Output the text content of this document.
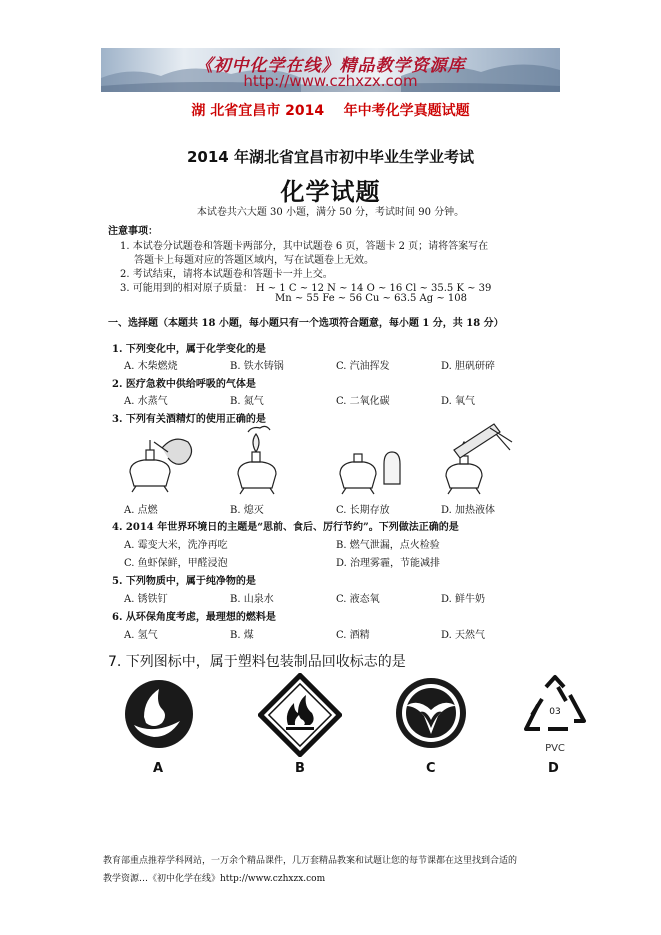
《初中化学在线》精品教学资源库
http://www.czhxzx.com
湖 北省宜昌市 2014    年中考化学真题试题
2014 年湖北省宜昌市初中毕业生学业考试
化学试题
本试卷共六大题 30 小题，满分 50 分，考试时间 90 分钟。
注意事项：
1. 本试卷分试题卷和答题卡两部分，其中试题卷 6 页，答题卡 2 页；请将答案写在
答题卡上每题对应的答题区域内，写在试题卷上无效。
2. 考试结束，请将本试题卷和答题卡一并上交。
3. 可能用到的相对原子质量： H ~ 1 C ~ 12 N ~ 14 O ~ 16 Cl ~ 35.5 K ~ 39
Mn ~ 55 Fe ~ 56 Cu ~ 63.5 Ag ~ 108
一、选择题（本题共 18 小题，每小题只有一个选项符合题意，每小题 1 分，共 18 分）
1. 下列变化中，属于化学变化的是
A. 木柴燃烧	B. 铁水铸锅	C. 汽油挥发	D. 胆矾研碎
2. 医疗急救中供给呼吸的气体是
A. 水蒸气	B. 氮气	C. 二氧化碳	D. 氧气
3. 下列有关酒精灯的使用正确的是
A. 点燃	B. 熄灭	C. 长期存放	D. 加热液体
4. 2014 年世界环境日的主题是“思前、食后、厉行节约”。下列做法正确的是
A. 霉变大米，洗净再吃	B. 燃气泄漏，点火检验
C. 鱼虾保鲜，甲醛浸泡	D. 治理雾霾，节能减排
5. 下列物质中，属于纯净物的是
A. 锈铁钉	B. 山泉水	C. 液态氧	D. 鲜牛奶
6. 从环保角度考虑，最理想的燃料是
A. 氢气	B. 煤	C. 酒精	D. 天然气
7. 下列图标中，属于塑料包装制品回收标志的是
03
PVC
A	B	C	D
教育部重点推荐学科网站，一万余个精品课件，几万套精品教案和试题让您的每节课都在这里找到合适的
教学资源…《初中化学在线》http://www.czhxzx.com
